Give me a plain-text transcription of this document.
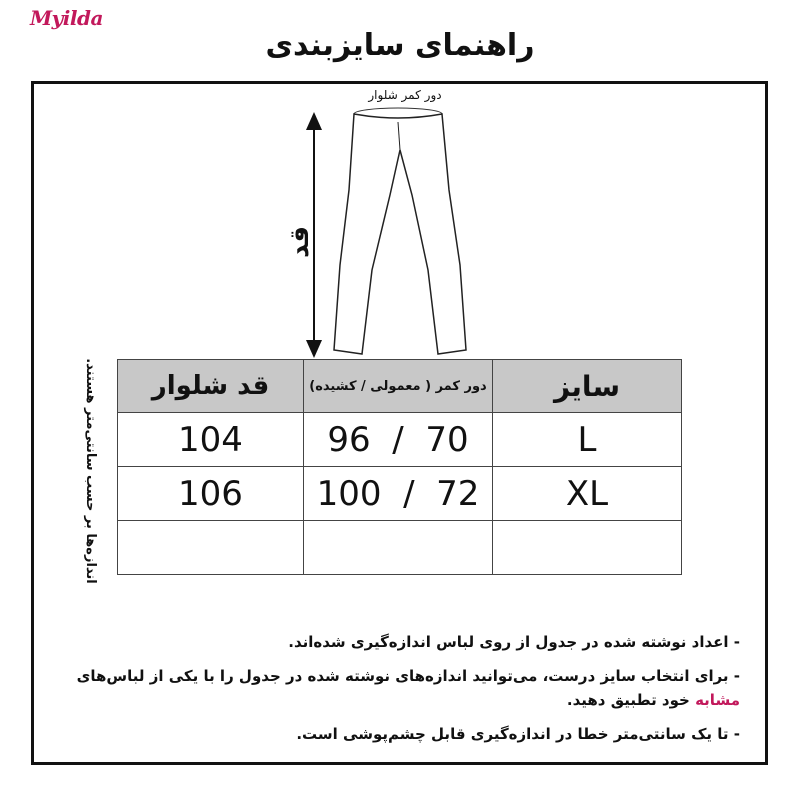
Myilda
راهنمای سایزبندی
دور کمر شلوار
قد
اندازه‌ها بر حسب سانتی‌متر هستند. قد شلوار	دور کمر ( معمولی / کشیده)	سایز
104	96  /  70	L
106	100  /  72	XL

- اعداد نوشته شده در جدول از روی لباس اندازه‌گیری شده‌اند.

- برای انتخاب سایز درست، می‌توانید اندازه‌های نوشته شده در جدول را با یکی از لباس‌های
مشابه خود تطبیق دهید.

- تا یک سانتی‌متر خطا در اندازه‌گیری قابل چشم‌پوشی است.
